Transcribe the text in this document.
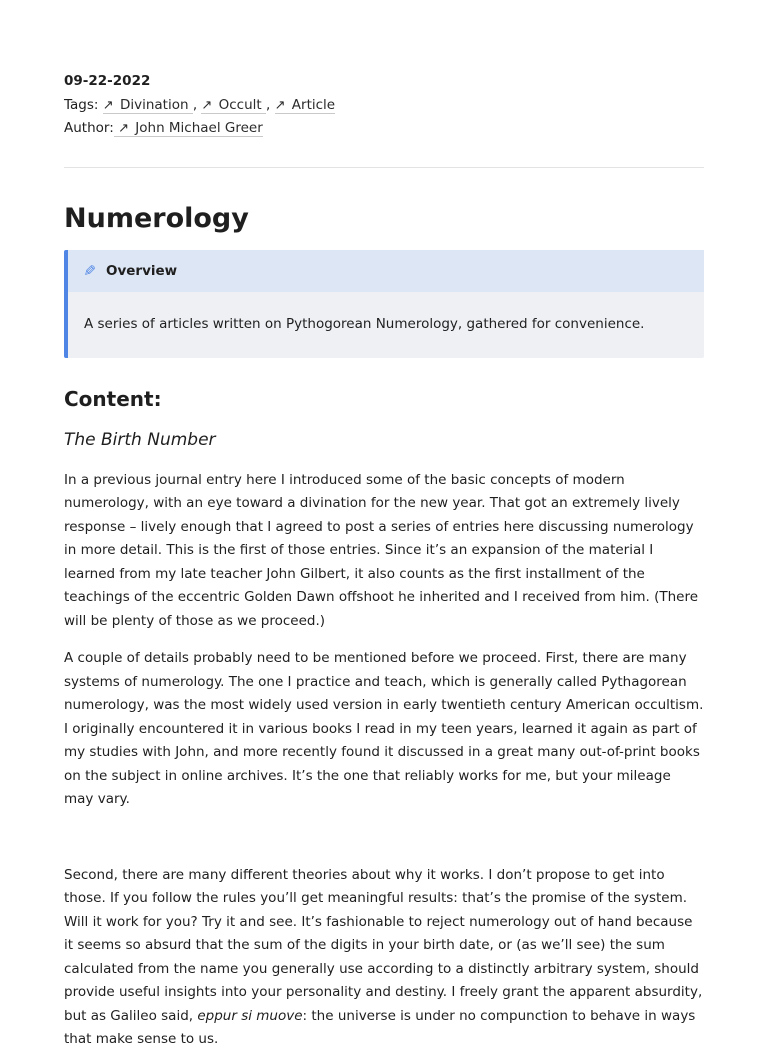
09-22-2022
Tags: ↗ Divination , ↗ Occult , ↗ Article
Author: ↗ John Michael Greer
Numerology
✎ Overview
A series of articles written on Pythogorean Numerology, gathered for convenience.
Content:
The Birth Number

In a previous journal entry here I introduced some of the basic concepts of modern numerology, with an eye toward a divination for the new year. That got an extremely lively response – lively enough that I agreed to post a series of entries here discussing numerology in more detail. This is the first of those entries. Since it’s an expansion of the material I learned from my late teacher John Gilbert, it also counts as the first installment of the teachings of the eccentric Golden Dawn offshoot he inherited and I received from him. (There will be plenty of those as we proceed.)

A couple of details probably need to be mentioned before we proceed. First, there are many systems of numerology. The one I practice and teach, which is generally called Pythagorean numerology, was the most widely used version in early twentieth century American occultism. I originally encountered it in various books I read in my teen years, learned it again as part of my studies with John, and more recently found it discussed in a great many out-of-print books on the subject in online archives. It’s the one that reliably works for me, but your mileage may vary.

Second, there are many different theories about why it works. I don’t propose to get into those. If you follow the rules you’ll get meaningful results: that’s the promise of the system. Will it work for you? Try it and see. It’s fashionable to reject numerology out of hand because it seems so absurd that the sum of the digits in your birth date, or (as we’ll see) the sum calculated from the name you generally use according to a distinctly arbitrary system, should provide useful insights into your personality and destiny. I freely grant the apparent absurdity, but as Galileo said, eppur si muove: the universe is under no compunction to behave in ways that make sense to us.
